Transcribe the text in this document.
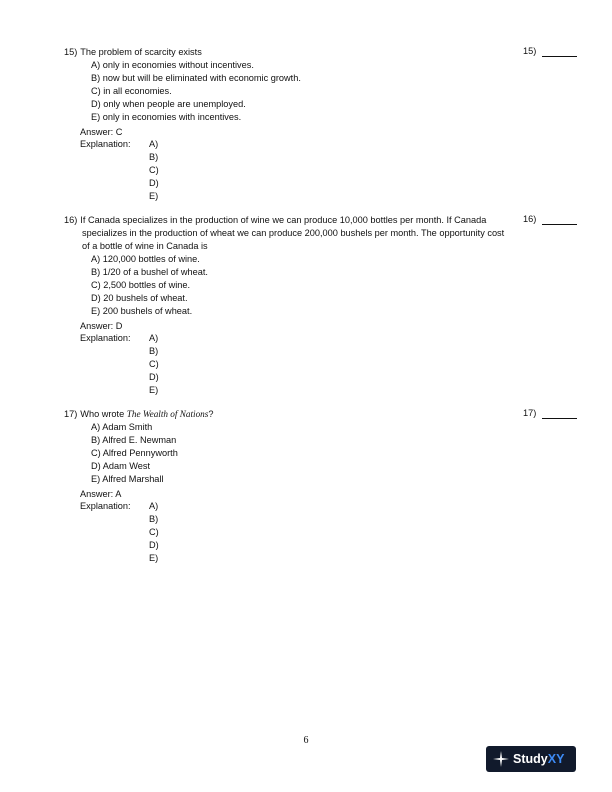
15) The problem of scarcity exists	15)
A) only in economies without incentives.
B) now but will be eliminated with economic growth.
C) in all economies.
D) only when people are unemployed.
E) only in economies with incentives.
Answer: C
Explanation: A)
B)
C)
D)
E)
16) If Canada specializes in the production of wine we can produce 10,000 bottles per month. If Canada specializes in the production of wheat we can produce 200,000 bushels per month. The opportunity cost of a bottle of wine in Canada is
16)
A) 120,000 bottles of wine.
B) 1/20 of a bushel of wheat.
C) 2,500 bottles of wine.
D) 20 bushels of wheat.
E) 200 bushels of wheat.
Answer: D
Explanation: A)
B)
C)
D)
E)
17) Who wrote The Wealth of Nations?	17)
A) Adam Smith
B) Alfred E. Newman
C) Alfred Pennyworth
D) Adam West
E) Alfred Marshall
Answer: A
Explanation: A)
B)
C)
D)
E)
6
Study XY
